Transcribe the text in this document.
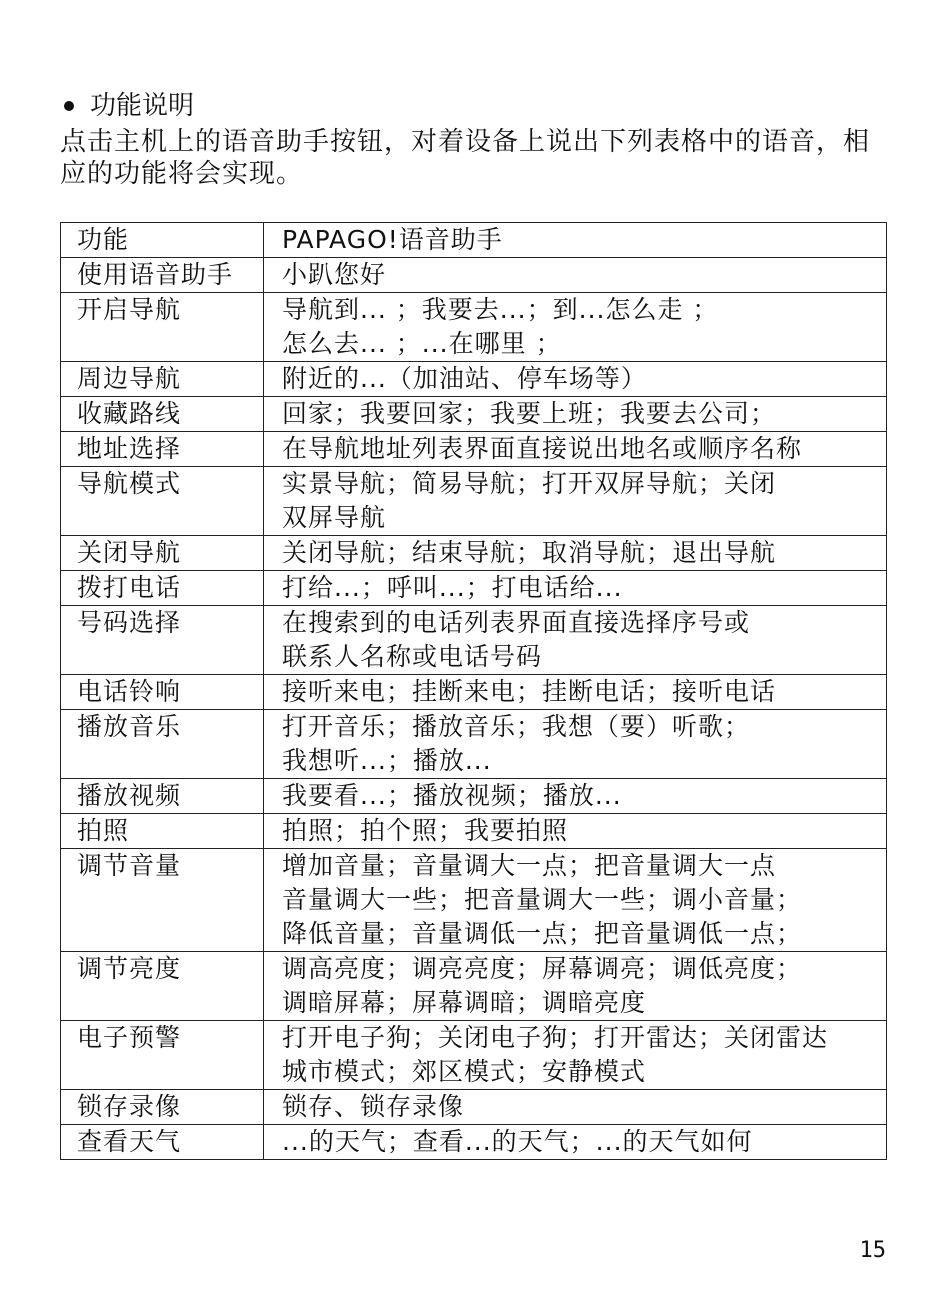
功能说明
点击主机上的语音助手按钮，对着设备上说出下列表格中的语音，相应的功能将会实现。
功能	PAPAGO!语音助手
使用语音助手	小趴您好

开启导航	导航到... ；我要去...；到...怎么走 ；
怎么去... ；...在哪里 ；

周边导航	附近的...（加油站、停车场等）

收藏路线	回家；我要回家；我要上班；我要去公司；

地址选择	在导航地址列表界面直接说出地名或顺序名称

导航模式	实景导航；简易导航；打开双屏导航；关闭
双屏导航

关闭导航	关闭导航；结束导航；取消导航；退出导航

拨打电话	打给...；呼叫...；打电话给...

号码选择	在搜索到的电话列表界面直接选择序号或
联系人名称或电话号码

电话铃响	接听来电；挂断来电；挂断电话；接听电话

播放音乐	打开音乐；播放音乐；我想（要）听歌；
我想听...；播放...

播放视频	我要看...；播放视频；播放...

拍照	拍照；拍个照；我要拍照

调节音量	增加音量；音量调大一点；把音量调大一点
音量调大一些；把音量调大一些；调小音量；
降低音量；音量调低一点；把音量调低一点；

调节亮度	调高亮度；调亮亮度；屏幕调亮；调低亮度；
调暗屏幕；屏幕调暗；调暗亮度

电子预警	打开电子狗；关闭电子狗；打开雷达；关闭雷达
城市模式；郊区模式；安静模式

锁存录像	锁存、锁存录像

查看天气	...的天气；查看...的天气；...的天气如何
15
